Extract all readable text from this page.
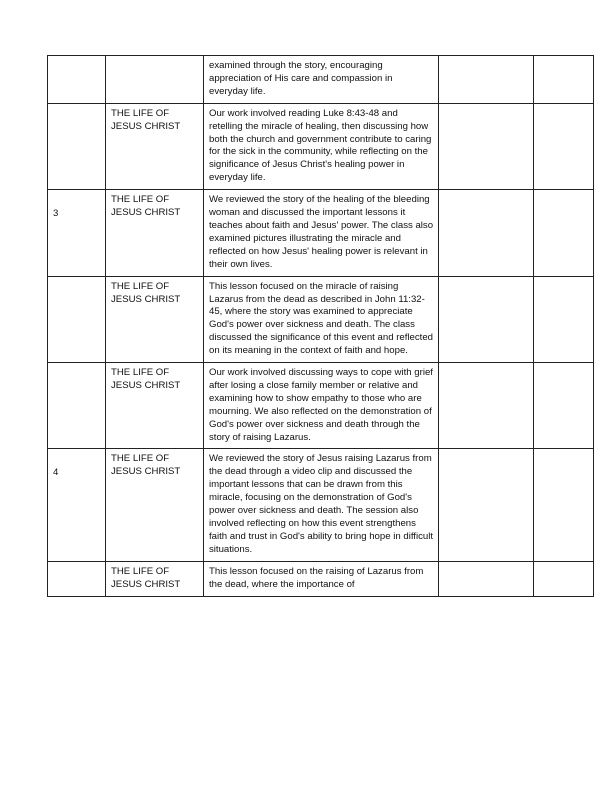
		examined through the story, encouraging appreciation of His care and compassion in everyday life.		
	THE LIFE OF JESUS CHRIST	Our work involved reading Luke 8:43-48 and retelling the miracle of healing, then discussing how both the church and government contribute to caring for the sick in the community, while reflecting on the significance of Jesus Christ's healing power in everyday life.		
3	THE LIFE OF JESUS CHRIST	We reviewed the story of the healing of the bleeding woman and discussed the important lessons it teaches about faith and Jesus' power. The class also examined pictures illustrating the miracle and reflected on how Jesus' healing power is relevant in their own lives.		
	THE LIFE OF JESUS CHRIST	This lesson focused on the miracle of raising Lazarus from the dead as described in John 11:32-45, where the story was examined to appreciate God's power over sickness and death. The class discussed the significance of this event and reflected on its meaning in the context of faith and hope.		
	THE LIFE OF JESUS CHRIST	Our work involved discussing ways to cope with grief after losing a close family member or relative and examining how to show empathy to those who are mourning. We also reflected on the demonstration of God's power over sickness and death through the story of raising Lazarus.		
4	THE LIFE OF JESUS CHRIST	We reviewed the story of Jesus raising Lazarus from the dead through a video clip and discussed the important lessons that can be drawn from this miracle, focusing on the demonstration of God's power over sickness and death. The session also involved reflecting on how this event strengthens faith and trust in God's ability to bring hope in difficult situations.		
	THE LIFE OF JESUS CHRIST	This lesson focused on the raising of Lazarus from the dead, where the importance of		
